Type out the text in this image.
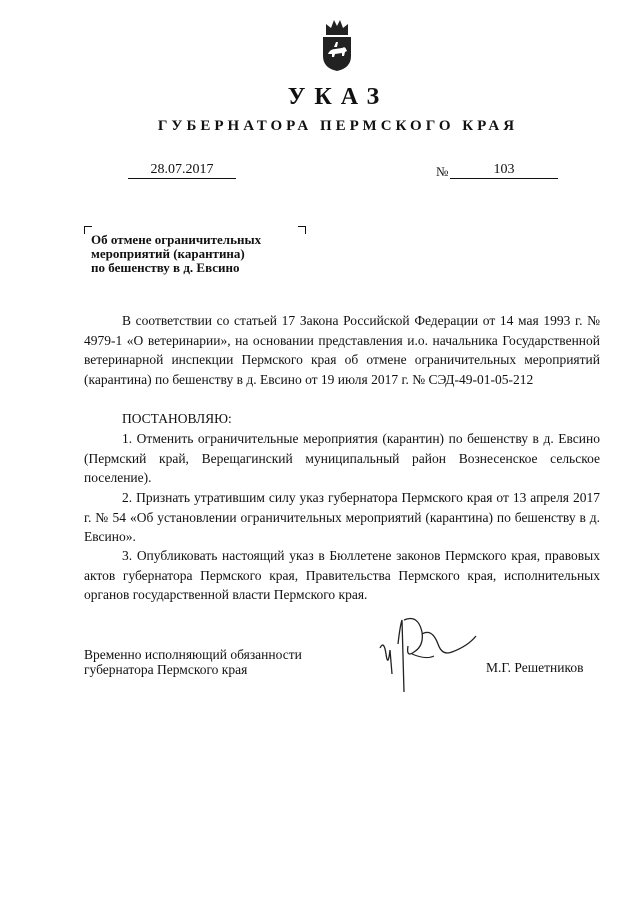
УКАЗ
ГУБЕРНАТОРА ПЕРМСКОГО КРАЯ
28.07.2017	№	103
Об отмене ограничительных
мероприятий (карантина)
по бешенству в д. Евсино
В соответствии со статьей 17 Закона Российской Федерации от 14 мая 1993 г. № 4979-1 «О ветеринарии», на основании представления и.о. начальника Государственной ветеринарной инспекции Пермского края об отмене ограничительных мероприятий (карантина) по бешенству в д. Евсино от 19 июля 2017 г. № СЭД-49-01-05-212
ПОСТАНОВЛЯЮ:
1. Отменить ограничительные мероприятия (карантин) по бешенству в д. Евсино (Пермский край, Верещагинский муниципальный район Вознесенское сельское поселение).
2. Признать утратившим силу указ губернатора Пермского края от 13 апреля 2017 г. № 54 «Об установлении ограничительных мероприятий (карантина) по бешенству в д. Евсино».
3. Опубликовать настоящий указ в Бюллетене законов Пермского края, правовых актов губернатора Пермского края, Правительства Пермского края, исполнительных органов государственной власти Пермского края.
Временно исполняющий обязанности
губернатора Пермского края	М.Г. Решетников
